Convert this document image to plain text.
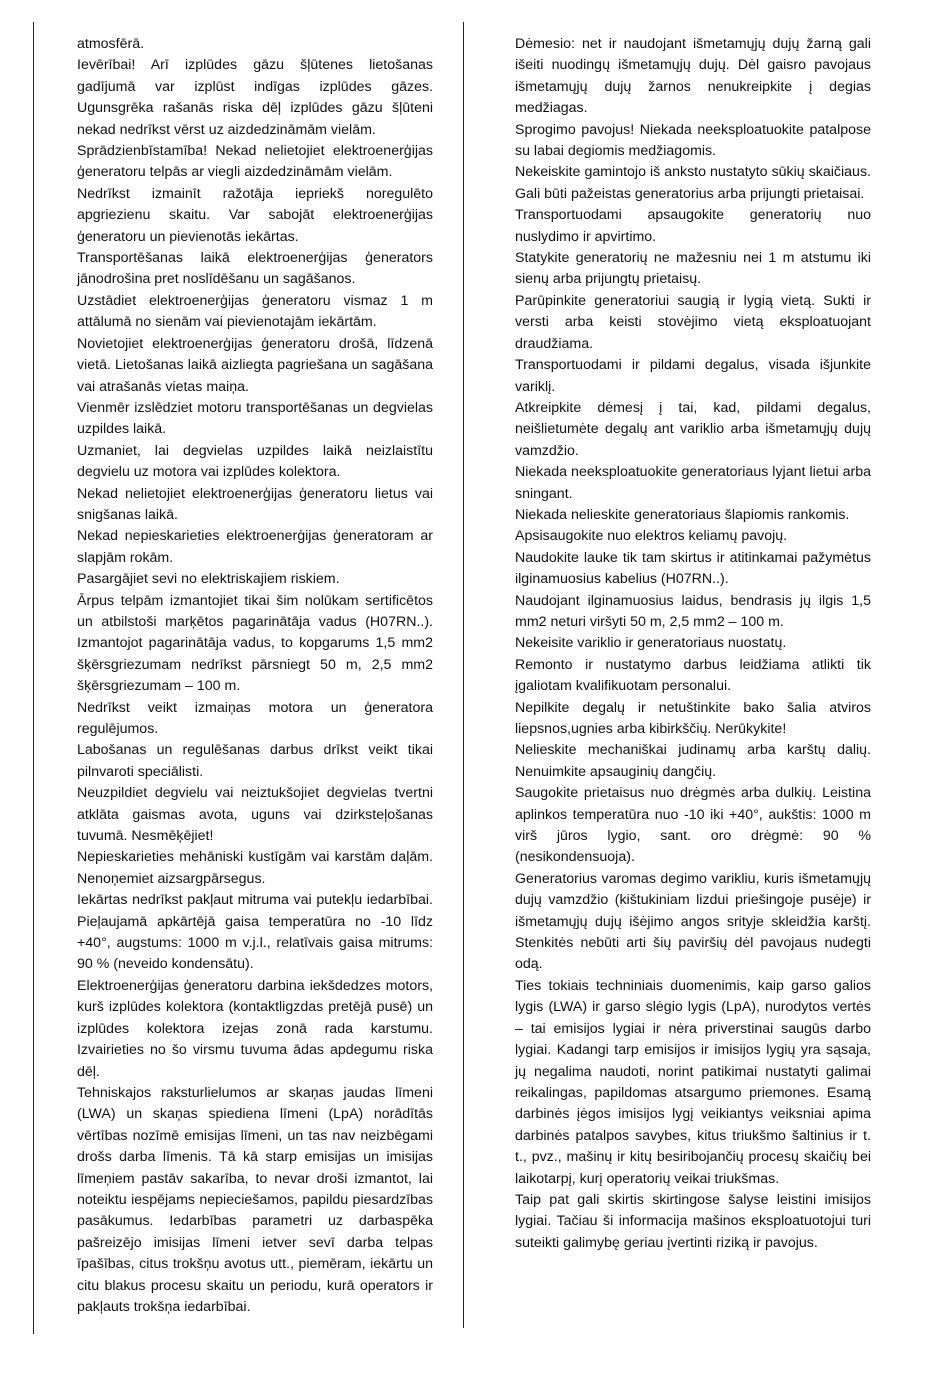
atmosfērā.

Ievērībai! Arī izplūdes gāzu šļūtenes lietošanas gadījumā var izplūst indīgas izplūdes gāzes. Ugunsgrēka rašanās riska dēļ izplūdes gāzu šļūteni nekad nedrīkst vērst uz aizdedzināmām vielām.

Sprādzienbīstamība! Nekad nelietojiet elektroenerģijas ģeneratoru telpās ar viegli aizdedzināmām vielām.

Nedrīkst izmainīt ražotāja iepriekš noregulēto apgriezienu skaitu. Var sabojāt elektroenerģijas ģeneratoru un pievienotās iekārtas.

Transportēšanas laikā elektroenerģijas ģenerators jānodrošina pret noslīdēšanu un sagāšanos.

Uzstādiet elektroenerģijas ģeneratoru vismaz 1 m attālumā no sienām vai pievienotajām iekārtām.

Novietojiet elektroenerģijas ģeneratoru drošā, līdzenā vietā. Lietošanas laikā aizliegta pagriešana un sagāšana vai atrašanās vietas maiņa.

Vienmēr izslēdziet motoru transportēšanas un degvielas uzpildes laikā.

Uzmaniet, lai degvielas uzpildes laikā neizlaistītu degvielu uz motora vai izplūdes kolektora.

Nekad nelietojiet elektroenerģijas ģeneratoru lietus vai snigšanas laikā.

Nekad nepieskarieties elektroenerģijas ģeneratoram ar slapjām rokām.

Pasargājiet sevi no elektriskajiem riskiem.

Ārpus telpām izmantojiet tikai šim nolūkam sertificētos un atbilstoši marķētos pagarinātāja vadus (H07RN..). Izmantojot pagarinātāja vadus, to kopgarums 1,5 mm2 šķērsgriezumam nedrīkst pārsniegt 50 m, 2,5 mm2 šķērsgriezumam – 100 m.

Nedrīkst veikt izmaiņas motora un ģeneratora regulējumos.

Labošanas un regulēšanas darbus drīkst veikt tikai pilnvaroti speciālisti.

Neuzpildiet degvielu vai neiztukšojiet degvielas tvertni atklāta gaismas avota, uguns vai dzirksteļošanas tuvumā. Nesmēķējiet!

Nepieskarieties mehāniski kustīgām vai karstām daļām. Nenoņemiet aizsargpārsegus.

Iekārtas nedrīkst pakļaut mitruma vai putekļu iedarbībai. Pieļaujamā apkārtējā gaisa temperatūra no -10 līdz +40°, augstums: 1000 m v.j.l., relatīvais gaisa mitrums: 90 % (neveido kondensātu).

Elektroenerģijas ģeneratoru darbina iekšdedzes motors, kurš izplūdes kolektora (kontaktligzdas pretējā pusē) un izplūdes kolektora izejas zonā rada karstumu. Izvairieties no šo virsmu tuvuma ādas apdegumu riska dēļ.

Tehniskajos raksturlielumos ar skaņas jaudas līmeni (LWA) un skaņas spiediena līmeni (LpA) norādītās vērtības nozīmē emisijas līmeni, un tas nav neizbēgami drošs darba līmenis. Tā kā starp emisijas un imisijas līmeņiem pastāv sakarība, to nevar droši izmantot, lai noteiktu iespējams nepieciešamos, papildu piesardzības pasākumus. Iedarbības parametri uz darbaspēka pašreizējo imisijas līmeni ietver sevī darba telpas īpašības, citus trokšņu avotus utt., piemēram, iekārtu un citu blakus procesu skaitu un periodu, kurā operators ir pakļauts trokšņa iedarbībai.

Dėmesio: net ir naudojant išmetamųjų dujų žarną gali išeiti nuodingų išmetamųjų dujų. Dėl gaisro pavojaus išmetamųjų dujų žarnos nenukreipkite į degias medžiagas.

Sprogimo pavojus! Niekada neeksploatuokite patalpose su labai degiomis medžiagomis.

Nekeiskite gamintojo iš anksto nustatyto sūkių skaičiaus. Gali būti pažeistas generatorius arba prijungti prietaisai.

Transportuodami apsaugokite generatorių nuo nuslydimo ir apvirtimo.

Statykite generatorių ne mažesniu nei 1 m atstumu iki sienų arba prijungtų prietaisų.

Parūpinkite generatoriui saugią ir lygią vietą. Sukti ir versti arba keisti stovėjimo vietą eksploatuojant draudžiama.

Transportuodami ir pildami degalus, visada išjunkite variklį.

Atkreipkite dėmesį į tai, kad, pildami degalus, neišlietumėte degalų ant variklio arba išmetamųjų dujų vamzdžio.

Niekada neeksploatuokite generatoriaus lyjant lietui arba sningant.

Niekada nelieskite generatoriaus šlapiomis rankomis.

Apsisaugokite nuo elektros keliamų pavojų.

Naudokite lauke tik tam skirtus ir atitinkamai pažymėtus ilginamuosius kabelius (H07RN..).

Naudojant ilginamuosius laidus, bendrasis jų ilgis 1,5 mm2 neturi viršyti 50 m, 2,5 mm2 – 100 m.

Nekeisite variklio ir generatoriaus nuostatų.

Remonto ir nustatymo darbus leidžiama atlikti tik įgaliotam kvalifikuotam personalui.

Nepilkite degalų ir netuštinkite bako šalia atviros liepsnos,ugnies arba kibirkščių. Nerūkykite!

Nelieskite mechaniškai judinamų arba karštų dalių. Nenuimkite apsauginių dangčių.

Saugokite prietaisus nuo drėgmės arba dulkių. Leistina aplinkos temperatūra nuo -10 iki +40°, aukštis: 1000 m virš jūros lygio, sant. oro drėgmė: 90 % (nesikondensuoja).

Generatorius varomas degimo varikliu, kuris išmetamųjų dujų vamzdžio (kištukiniam lizdui priešingoje pusėje) ir išmetamųjų dujų išėjimo angos srityje skleidžia karštį. Stenkitės nebūti arti šių paviršių dėl pavojaus nudegti odą.

Ties tokiais techniniais duomenimis, kaip garso galios lygis (LWA) ir garso slėgio lygis (LpA), nurodytos vertės – tai emisijos lygiai ir nėra priverstinai saugūs darbo lygiai. Kadangi tarp emisijos ir imisijos lygių yra sąsaja, jų negalima naudoti, norint patikimai nustatyti galimai reikalingas, papildomas atsargumo priemones. Esamą darbinės įėgos imisijos lygį veikiantys veiksniai apima darbinės patalpos savybes, kitus triukšmo šaltinius ir t. t., pvz., mašinų ir kitų besiribojančių procesų skaičių bei laikotarpį, kurį operatorių veikai triukšmas.

Taip pat gali skirtis skirtingose šalyse leistini imisijos lygiai. Tačiau ši informacija mašinos eksploatuotojui turi suteikti galimybę geriau įvertinti riziką ir pavojus.
